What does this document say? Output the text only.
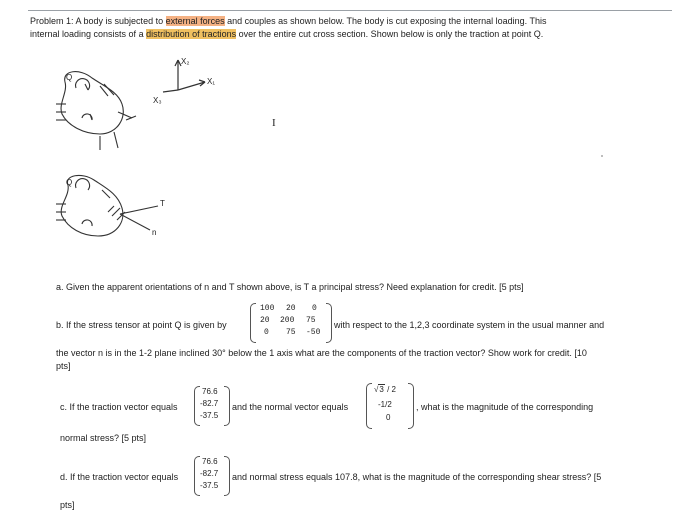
Problem 1: A body is subjected to external forces and couples as shown below. The body is cut exposing the internal loading. This
internal loading consists of a distribution of tractions over the entire cut cross section. Shown below is only the traction at point Q.
X₂
X₁
X₃
I
T
n
Q
Q
a. Given the apparent orientations of n and T shown above, is T a principal stress? Need explanation for credit. [5 pts]
b. If the stress tensor at point Q is given by
100 20 0
20 200 75
0 75 -50
with respect to the 1,2,3 coordinate system in the usual manner and
the vector n is in the 1-2 plane inclined 30° below the 1 axis what are the components of the traction vector? Show work for credit. [10
pts]
c. If the traction vector equals
76.6
-82.7
-37.5
and the normal vector equals
√3 / 2
-1/2
0
, what is the magnitude of the corresponding
normal stress? [5 pts]
d. If the traction vector equals
76.6
-82.7
-37.5
and normal stress equals 107.8, what is the magnitude of the corresponding shear stress? [5
pts]
